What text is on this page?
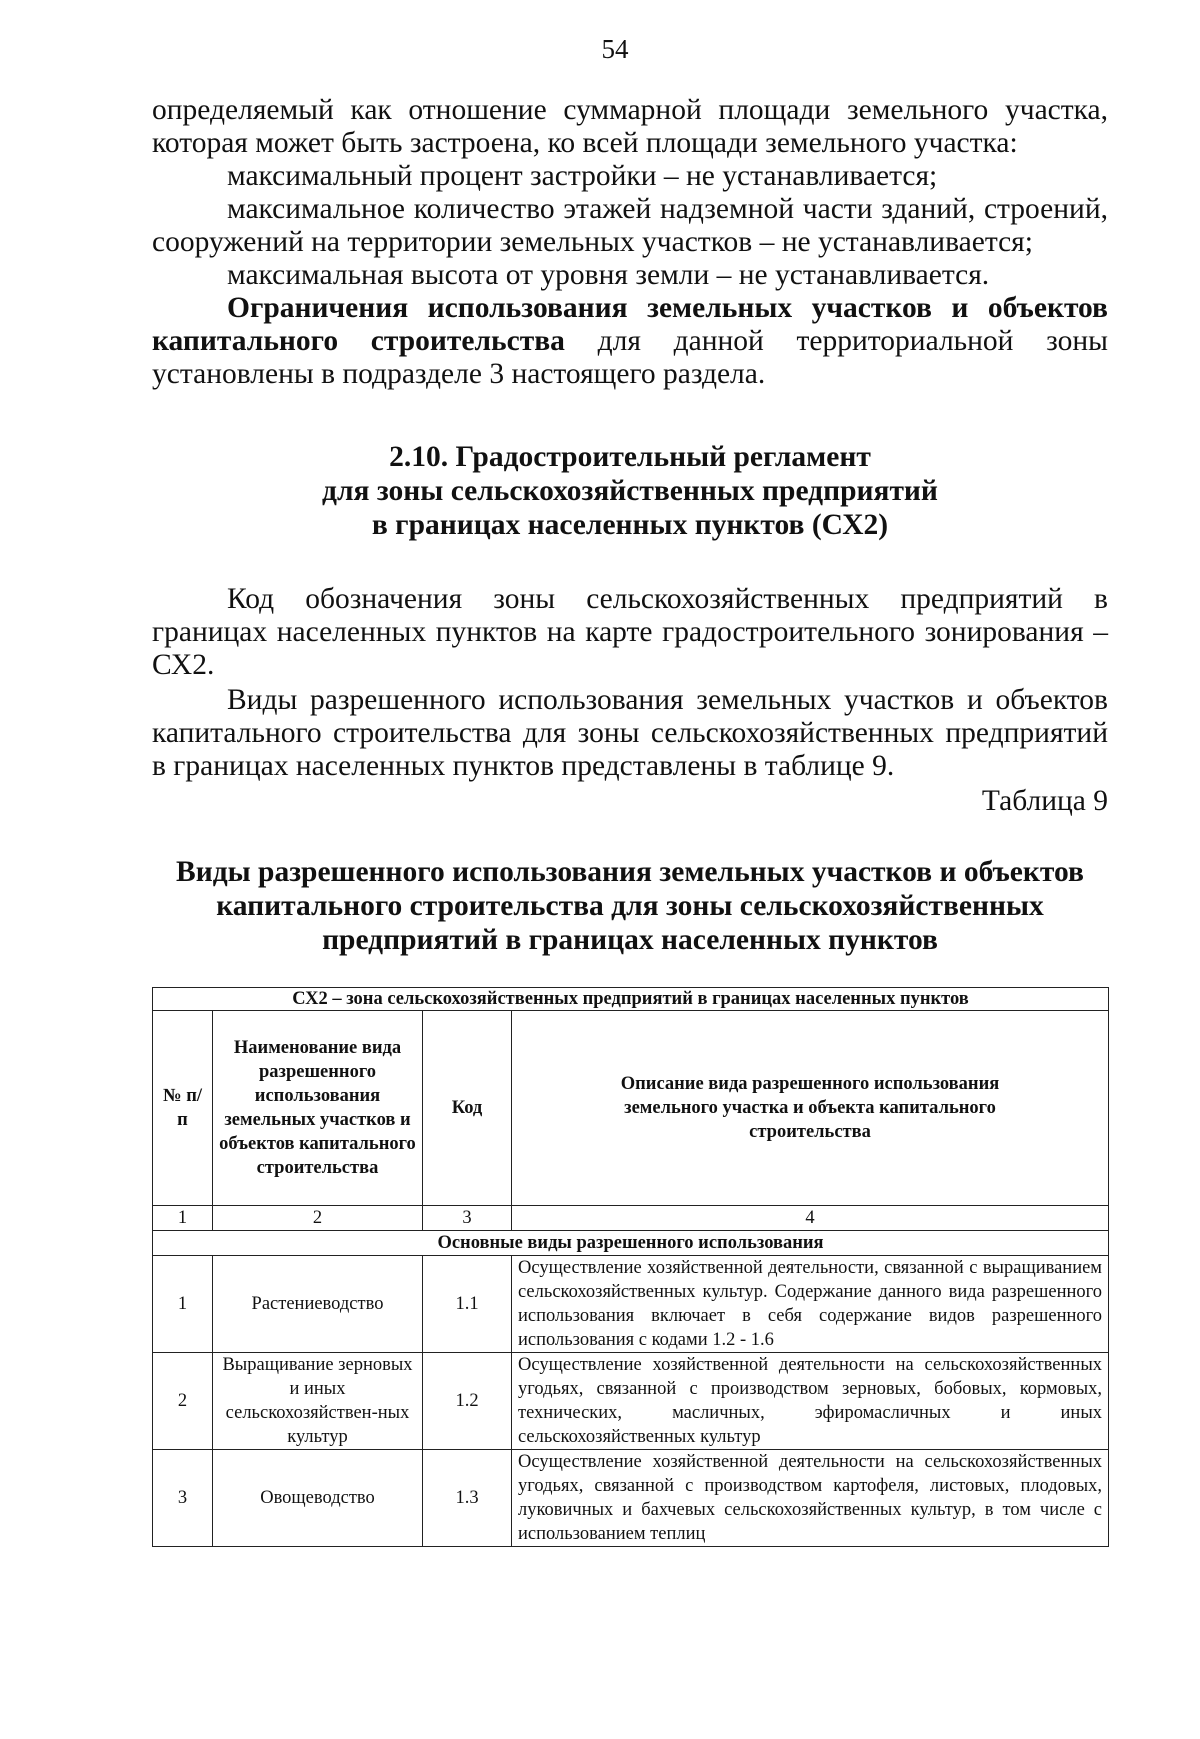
54

определяемый как отношение суммарной площади земельного участка,

которая может быть застроена, ко всей площади земельного участка:

максимальный процент застройки – не устанавливается;

максимальное количество этажей надземной части зданий, строений,

сооружений на территории земельных участков – не устанавливается;

максимальная высота от уровня земли – не устанавливается.

Ограничения использования земельных участков и объектов капитального строительства для данной территориальной зоны установлены в подразделе 3 настоящего раздела.

2.10. Градостроительный регламент
для зоны сельскохозяйственных предприятий
в границах населенных пунктов (СХ2)

Код обозначения зоны сельскохозяйственных предприятий в границах населенных пунктов на карте градостроительного зонирования – СХ2.

Виды разрешенного использования земельных участков и объектов капитального строительства для зоны сельскохозяйственных предприятий в границах населенных пунктов представлены в таблице 9.

Таблица 9

Виды разрешенного использования земельных участков и объектов
капитального строительства для зоны сельскохозяйственных
предприятий в границах населенных пунктов
СХ2 – зона сельскохозяйственных предприятий в границах населенных пунктов			
№ п/п	Наименование вида разрешенного использования земельных участков и объектов капитального строительства	Код	Описание вида разрешенного использования земельного участка и объекта капитального строительства
1	2	3	4
Основные виды разрешенного использования			
1	Растениеводство	1.1	Осуществление хозяйственной деятельности, связанной с выращиванием сельскохозяйственных культур. Содержание данного вида разрешенного использования включает в себя содержание видов разрешенного использования с кодами 1.2 - 1.6
2	Выращивание зерновых и иных сельскохозяйствен-ных культур	1.2	Осуществление хозяйственной деятельности на сельскохозяйственных угодьях, связанной с производством зерновых, бобовых, кормовых, технических, масличных, эфиромасличных и иных сельскохозяйственных культур
3	Овощеводство	1.3	Осуществление хозяйственной деятельности на сельскохозяйственных угодьях, связанной с производством картофеля, листовых, плодовых, луковичных и бахчевых сельскохозяйственных культур, в том числе с использованием теплиц
